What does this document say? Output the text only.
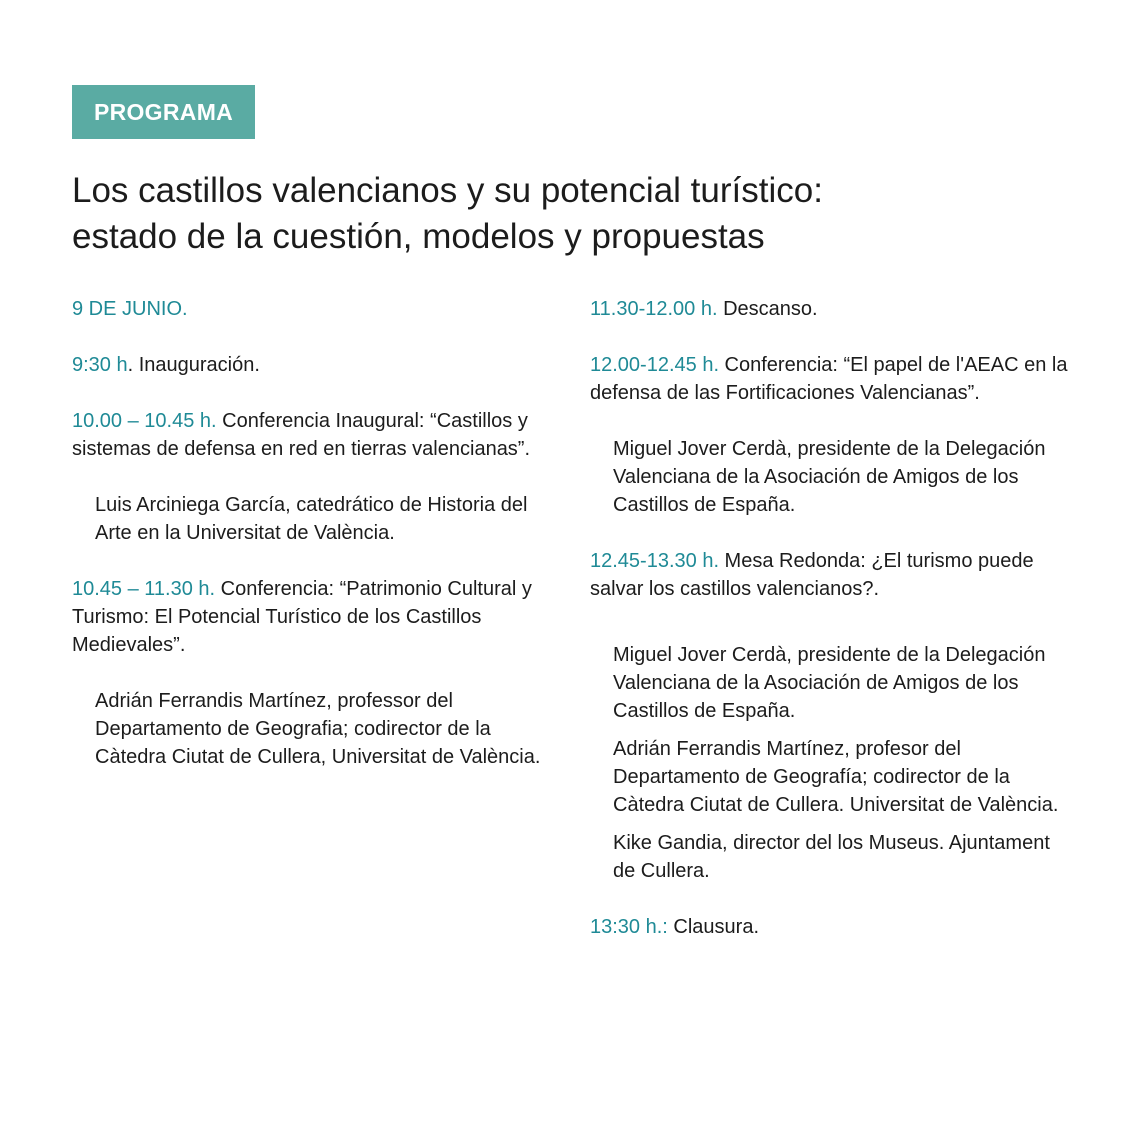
PROGRAMA
Los castillos valencianos y su potencial turístico:
estado de la cuestión, modelos y propuestas

9 DE JUNIO.

9:30 h. Inauguración.

10.00 – 10.45 h. Conferencia Inaugural: “Castillos y sistemas de defensa en red en tierras valencianas”.

Luis Arciniega García, catedrático de Historia del Arte en la Universitat de València.

10.45 – 11.30 h. Conferencia: “Patrimonio Cultural y Turismo: El Potencial Turístico de los Castillos Medievales”.

Adrián Ferrandis Martínez, professor del Departamento de Geografia; codirector de la Càtedra Ciutat de Cullera, Universitat de València.

11.30-12.00 h. Descanso.

12.00-12.45 h. Conferencia: “El papel de l'AEAC en la defensa de las Fortificaciones Valencianas”.

Miguel Jover Cerdà, presidente de la Delegación Valenciana de la Asociación de Amigos de los Castillos de España.

12.45-13.30 h. Mesa Redonda: ¿El turismo puede salvar los castillos valencianos?.

Miguel Jover Cerdà, presidente de la Delegación Valenciana de la Asociación de Amigos de los Castillos de España.

Adrián Ferrandis Martínez, profesor del Departamento de Geografía; codirector de la Càtedra Ciutat de Cullera. Universitat de València.

Kike Gandia, director del los Museus. Ajuntament de Cullera.

13:30 h.: Clausura.
